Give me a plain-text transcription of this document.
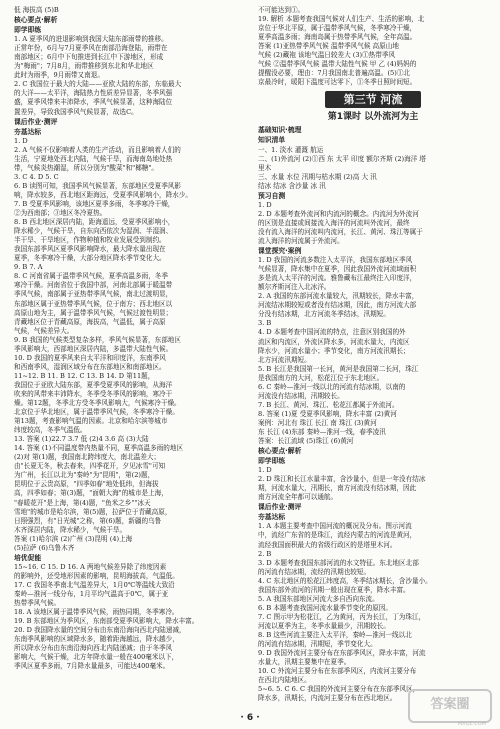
低 海拔高 (5)B
核心要点·解析
即学即练
1. A 夏季风的进退影响到我国大陆东部雨带的推移。
正常年份，6月与7月夏季风在南部沿海登陆，雨带在
南部地区；6月中下旬推进到长江中下游地区，形成
为"梅雨"；7月8月，雨带推移到东北和华北地区
此时为雨季，9月雨带又南退。
2. C 我国位于最大的大陆——亚欧大陆的东部，东临最大
的大洋——太平洋，海陆热力性质差异显著，冬季风强
盛，夏季风带来丰沛降水，季风气候显著，这种海陆位
置差异，导致我国季风气候显著，故选C。
课后作业·测评
夯基达标
1. D
2. A 气候不仅影响着人类的生产活动，而且影响着人们的
生活，宁夏地处西北内陆，气候干旱，而海南岛地处热
带，气候炎热潮湿，所以分别为"酸菜"和"椰糖"。
3. C 4. D 5. C
6. B 读图可知，我国季风气候显著，东部地区受夏季风影
响，降水较多，西北地区距海远，受夏季风影响小，降水少。
7. B 受夏季风影响，该地区夏季多雨，冬季寒冷干燥，
②为西南部；③地区冬冷夏热。
8. B 西北地区深居内陆，距海遥远，受夏季风影响小，
降水稀少，气候干旱，自东向西依次为湿润、半湿润、
半干旱、干旱地区，作物种植和牧业发展受到制约。
我国东部季风区夏季风影响降水，最大降水量出现在
夏季，冬季寒冷干燥，大部分地区降水季节变化大。
9. B 7. A
8. C 河南省属于温带季风气候，夏季高温多雨，冬季
寒冷干燥。河南省位于我国中部，河南北部属于暖温带
季风气候，南部属于亚热带季风气候，南北过渡明显，
东部地区属于亚热带季风气候，位于南方；西北地区以
高原山地为主，属于温带季风气候，气候过渡性明显；
青藏地区位于青藏高原，海拔高，气温低，属于高原
气候，气候差异大。
9. B 我国的气候类型复杂多样，季风气候显著，东部地区
季风影响大，西部地区深居内陆，多温带大陆性气候。
10. D 我国的夏季风来自太平洋和印度洋，东南季风
和西南季风，湿润区域分布在东部地区和南部地区。
11~12. B 11. B 12. C 13. B 14. D 第11题，
我国位于亚欧大陆东部，夏季受夏季风的影响，从海洋
吹来的风带来丰沛降水，冬季受冬季风的影响，寒冷干
燥。第12题，冬季北方受冬季风影响大，气候寒冷干燥。
北京位于华北地区，属于温带季风气候，冬季寒冷干燥。
第13题，考查影响气温的因素。北京和哈尔滨等城市
纬度较高，冬季气温低。
13. 答案 (1)22.7 3.7 低 (2)4 3.6 高 (3)大陆
14. 答案 (1)不同温度带内热量不同，夏季高温多雨的地区
(2)对 第(1)题，我国南北跨纬度大，南北温差大；
由"长夏无冬，秋去春来，四季花开，夕见冰雪"可知
为广州，长江以北为"秦岭"为"昆明"，第(2)题，
昆明位于云贵高原，"四季如春"地处低纬，但海拔
高，四季如春；第(3)题，"面朝大海"的城市是上海，
"春暖花开"是上海，第(4)题，"鱼米之乡""冰天
雪地"的城市是哈尔滨，第(5)题，拉萨位于青藏高原，
日照强烈，有"日光城"之称，第(6)题，新疆的乌鲁
木齐深居内陆，降水稀少，气候干旱。
答案 (1)哈尔滨 (2)广州 (3)昆明 (4)上海
(5)拉萨 (6)乌鲁木齐
培优促能
15~16. C 15. D 16. A 两地气候差异除了纬度因素
的影响外，还受地形因素的影响，昆明海拔高，气温低。
17. C 我国冬季南北气温差异大，1月0℃等温线大致沿
秦岭—淮河一线分布，1月平均气温高于0℃，属于亚
热带季风气候。
18. A 该地区属于温带季风气候，雨热同期，冬季寒冷。
19. B 东部地区为季风区，东南部受夏季风影响大，降水丰富。
20. D 我国降水量的空间分布由东南沿海向西北内陆递减，
东南季风影响的区域降水多，随着距海越远，降水越少，
所以降水分布由东南沿海向西北内陆递减；由于冬季风
影响大，气候干燥，北方年降水量一般在400毫米以下，
季风区夏季多雨，7月降水量最多，可能达400毫米。
不可能达到①。
19. 解析 本题考查我国气候对人们生产、生活的影响，北
京位于华北平原，属于温带季风气候，冬季寒冷干燥，
夏季高温多雨；海南岛属于热带季风气候，全年高温。
答案 (1)亚热带季风气候 温带季风气候 高原山地
气候 (2)藏袍 该地气温日较差大 (3)①热带季风
气候 ②温带季风气候 温带大陆性气候 甲 乙 (4)妈妈的
提醒没必要，理由：7月我国南北普遍高温。(5)①北
京最冷时，暖阳下温度可达零下，①冬季日照时间短。
第三节 河流
第1课时 以外流河为主
基础知识·梳理
知识清单
一、1. 淡水 灌溉 航运
二、(1)外流河 (2)①西 东 太平 印度 额尔齐斯 (2)海洋 塔
里木
三、水量 水位 汛期与枯水期 (2)高 大 汛
结冰 结冰 含沙量 冰 汛
预习自测
1. D
2. D 本题考查外流河和内流河的概念。内流河为外流河
的区别是直接或间接流入海洋的河流叫外流河，最终
没有流入海洋的河流叫内流河，长江、黄河、珠江等属于
流入海洋的河流属于外流河。
课堂探究·案例
1. D 我国的河流多数注入太平洋，我国东部地区季风
气候显著，降水集中在夏季，因此我国外流河流域面积
多是流入太平洋的河流。雅鲁藏布江最终注入印度洋，
额尔齐斯河注入北冰洋。
2. A 我国的东部河流水量较大，汛期较长，降水丰富，
河流结冰期较短或者没有结冰期，因此，南方河流大部
分没有结冰期，北方河流冬季结冰，汛期短。
3. B
4. D 本题考查中国河流的特点，注意区别我国的外
流区和内流区，外流区降水多，河流水量大，内流区
降水少，河流水量小；季节变化，南方河流汛期长；
北方河流汛期短。
5. B 长江是我国第一长河，黄河是我国第二长河，珠江
是我国南方的大河，松花江位于东北地区。
6. C 秦岭—淮河一线以北的河流有结冰期，以南的
河流没有结冰期，汛期较长。
7. B 长江、黄河、珠江、松花江都属于外流河。
8. 答案 (1)夏 受夏季风影响，降水丰富 (2)黄河
案例：河北有 珠江 长江 南 珠江 (3)黄河
东 长江 (4)东部 秦岭—淮河一线，春季凌汛
答案：长江流域 (5)珠江 (6)黄河
核心要点·解析
即学即练
1. D
2. D 珠江和长江水量丰富，含沙量小，但是一年没有结冰
期，河流水量大，汛期长，南方河流没有结冰期，因此
南方河流全年都可以通航。
课后作业·测评
夯基达标
1. A 本题主要考查中国河流的概况及分布。图示河流
中，流经广东省的是珠江，流经内蒙古的河流是黄河，
流经我国面积最大的省级行政区的是塔里木河。
2. B
3. D 本题考查我国东部河流的水文特征。东北地区北部
的河流有结冰期，流经的汛期也较短。
4. C 东北地区的松花江纬度高，冬季结冰期长，含沙量小。
我国东部外流河的汛期一般出现在夏季，降水丰富。
5. A 我国东部地区河流大多自西向东流。
6. B 本题考查我国河流水量季节变化的原因。
7. C 图示甲为松花江，乙为黄河，丙为长江，丁为珠江，
河流以夏季为主，冬季水量最少，汛期较长。
8. B 这些河流主要注入太平洋，秦岭—淮河一线以北
的河流有结冰期，汛期短，季节变化大。
9. D 我国外流河主要分布在东部季风区，降水丰富，河流
水量大，汛期主要集中在夏季。
10. C 外流河主要分布在东部季风区，内流河主要分布
在西北内陆地区。
5~6. 5. C 6. C 我国的外流河主要分布在东部季风区，
降水多，汛期长，内流河主要分布在西北地区。
· 6 ·
答案圈
MXQE.COM
